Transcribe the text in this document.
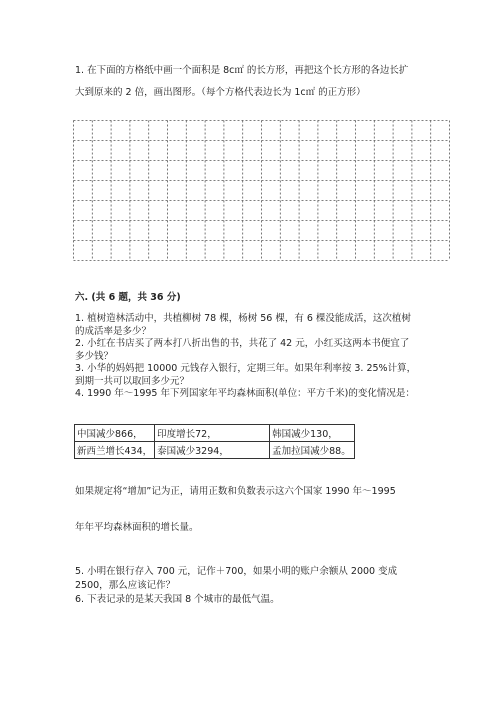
1. 在下面的方格纸中画一个面积是 8c㎡ 的长方形，再把这个长方形的各边长扩
大到原来的 2 倍，画出图形。（每个方格代表边长为 1c㎡ 的正方形）
六. (共 6 题，共 36 分)
1. 植树造林活动中，共植柳树 78 棵，杨树 56 棵，有 6 棵没能成活，这次植树
的成活率是多少？
2. 小红在书店买了两本打八折出售的书，共花了 42 元，小红买这两本书便宜了
多少钱？
3. 小华的妈妈把 10000 元钱存入银行，定期三年。如果年利率按 3. 25%计算，
到期一共可以取回多少元？
4. 1990 年～1995 年下列国家年平均森林面积(单位：平方千米)的变化情况是：
中国减少866，	印度增长72，	韩国减少130，
新西兰增长434，	泰国减少3294，	孟加拉国减少88。
如果规定将“增加”记为正，请用正数和负数表示这六个国家 1990 年～1995
年年平均森林面积的增长量。
5. 小明在银行存入 700 元，记作＋700，如果小明的账户余额从 2000 变成
2500，那么应该记作？
6. 下表记录的是某天我国 8 个城市的最低气温。
